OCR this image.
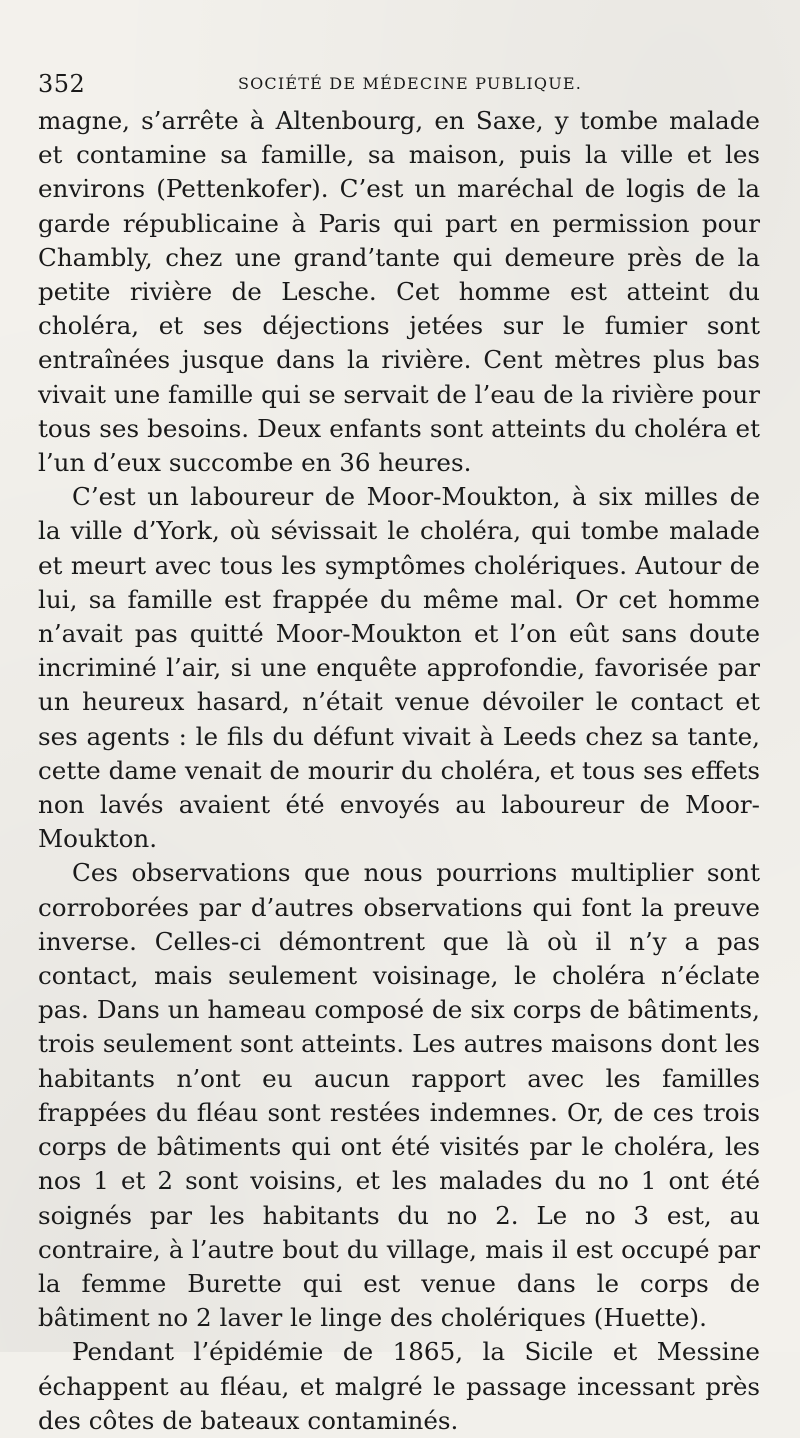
352	SOCIÉTÉ DE MÉDECINE PUBLIQUE.

magne, s’arrête à Altenbourg, en Saxe, y tombe malade et contamine sa famille, sa maison, puis la ville et les environs (Pettenkofer). C’est un maréchal de logis de la garde républicaine à Paris qui part en permission pour Chambly, chez une grand’tante qui demeure près de la petite rivière de Lesche. Cet homme est atteint du choléra, et ses déjections jetées sur le fumier sont entraînées jusque dans la rivière. Cent mètres plus bas vivait une famille qui se servait de l’eau de la rivière pour tous ses besoins. Deux enfants sont atteints du choléra et l’un d’eux succombe en 36 heures.

C’est un laboureur de Moor-Moukton, à six milles de la ville d’York, où sévissait le choléra, qui tombe malade et meurt avec tous les symptômes cholériques. Autour de lui, sa famille est frappée du même mal. Or cet homme n’avait pas quitté Moor-Moukton et l’on eût sans doute incriminé l’air, si une enquête approfondie, favorisée par un heureux hasard, n’était venue dévoiler le contact et ses agents : le fils du défunt vivait à Leeds chez sa tante, cette dame venait de mourir du choléra, et tous ses effets non lavés avaient été envoyés au laboureur de Moor-Moukton.

Ces observations que nous pourrions multiplier sont corroborées par d’autres observations qui font la preuve inverse. Celles-ci démontrent que là où il n’y a pas contact, mais seulement voisinage, le choléra n’éclate pas. Dans un hameau composé de six corps de bâtiments, trois seulement sont atteints. Les autres maisons dont les habitants n’ont eu aucun rapport avec les familles frappées du fléau sont restées indemnes. Or, de ces trois corps de bâtiments qui ont été visités par le choléra, les nos 1 et 2 sont voisins, et les malades du no 1 ont été soignés par les habitants du no 2. Le no 3 est, au contraire, à l’autre bout du village, mais il est occupé par la femme Burette qui est venue dans le corps de bâtiment no 2 laver le linge des cholériques (Huette).

Pendant l’épidémie de 1865, la Sicile et Messine échappent au fléau, et malgré le passage incessant près des côtes de bateaux contaminés.
